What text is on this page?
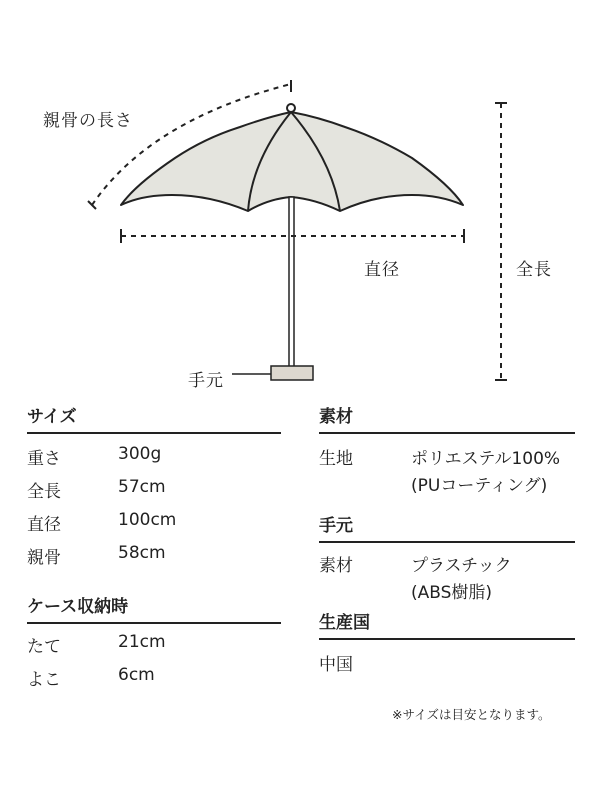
親骨の長さ
直径	全長
手元
サイズ
重さ	300g
全長	57cm
直径	100cm
親骨	58cm
ケース収納時
たて	21cm
よこ	6cm
素材
生地	ポリエステル100%
(PUコーティング)
手元
素材	プラスチック
(ABS樹脂)
生産国
中国
※サイズは目安となります。
